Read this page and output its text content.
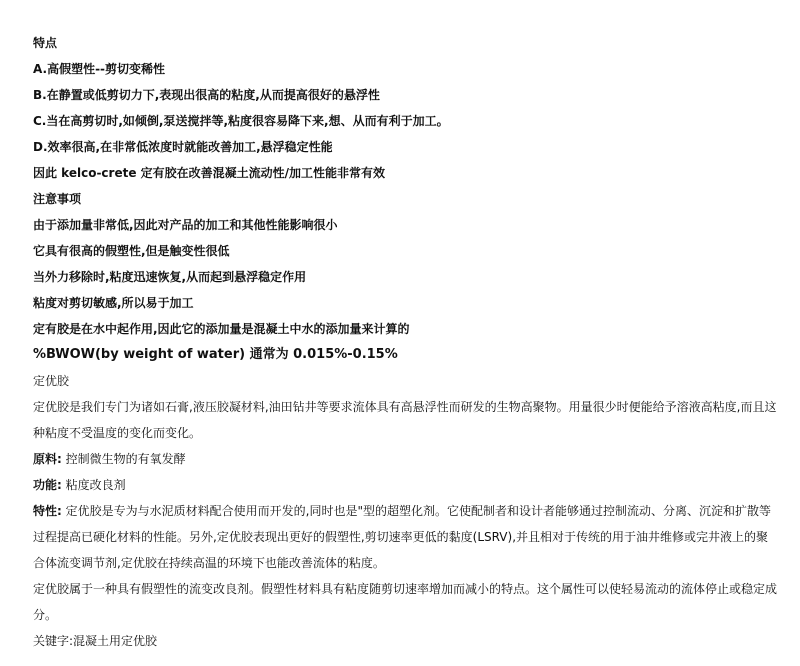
特点
A.高假塑性--剪切变稀性
B.在静置或低剪切力下,表现出很高的粘度,从而提高很好的悬浮性
C.当在高剪切时,如倾倒,泵送搅拌等,粘度很容易降下来,想、从而有利于加工。
D.效率很高,在非常低浓度时就能改善加工,悬浮稳定性能
因此 kelco-crete 定有胶在改善混凝土流动性/加工性能非常有效
注意事项
由于添加量非常低,因此对产品的加工和其他性能影响很小
它具有很高的假塑性,但是触变性很低
当外力移除时,粘度迅速恢复,从而起到悬浮稳定作用
粘度对剪切敏感,所以易于加工
定有胶是在水中起作用,因此它的添加量是混凝土中水的添加量来计算的
%BWOW(by weight of water) 通常为 0.015%-0.15%
定优胶

定优胶是我们专门为诸如石膏,液压胶凝材料,油田钻井等要求流体具有高悬浮性而研发的生物高聚物。用量很少时便能给予溶液高粘度,而且这种粘度不受温度的变化而变化。

原料: 控制微生物的有氧发酵
功能: 粘度改良剂

特性: 定优胶是专为与水泥质材料配合使用而开发的,同时也是"型的超塑化剂。它使配制者和设计者能够通过控制流动、分离、沉淀和扩散等过程提高已硬化材料的性能。另外,定优胶表现出更好的假塑性,剪切速率更低的黏度(LSRV),并且相对于传统的用于油井维修或完井液上的聚合体流变调节剂,定优胶在持续高温的环境下也能改善流体的粘度。

定优胶属于一种具有假塑性的流变改良剂。假塑性材料具有粘度随剪切速率增加而减小的特点。这个属性可以使轻易流动的流体停止或稳定成分。

关键字:混凝土用定优胶
